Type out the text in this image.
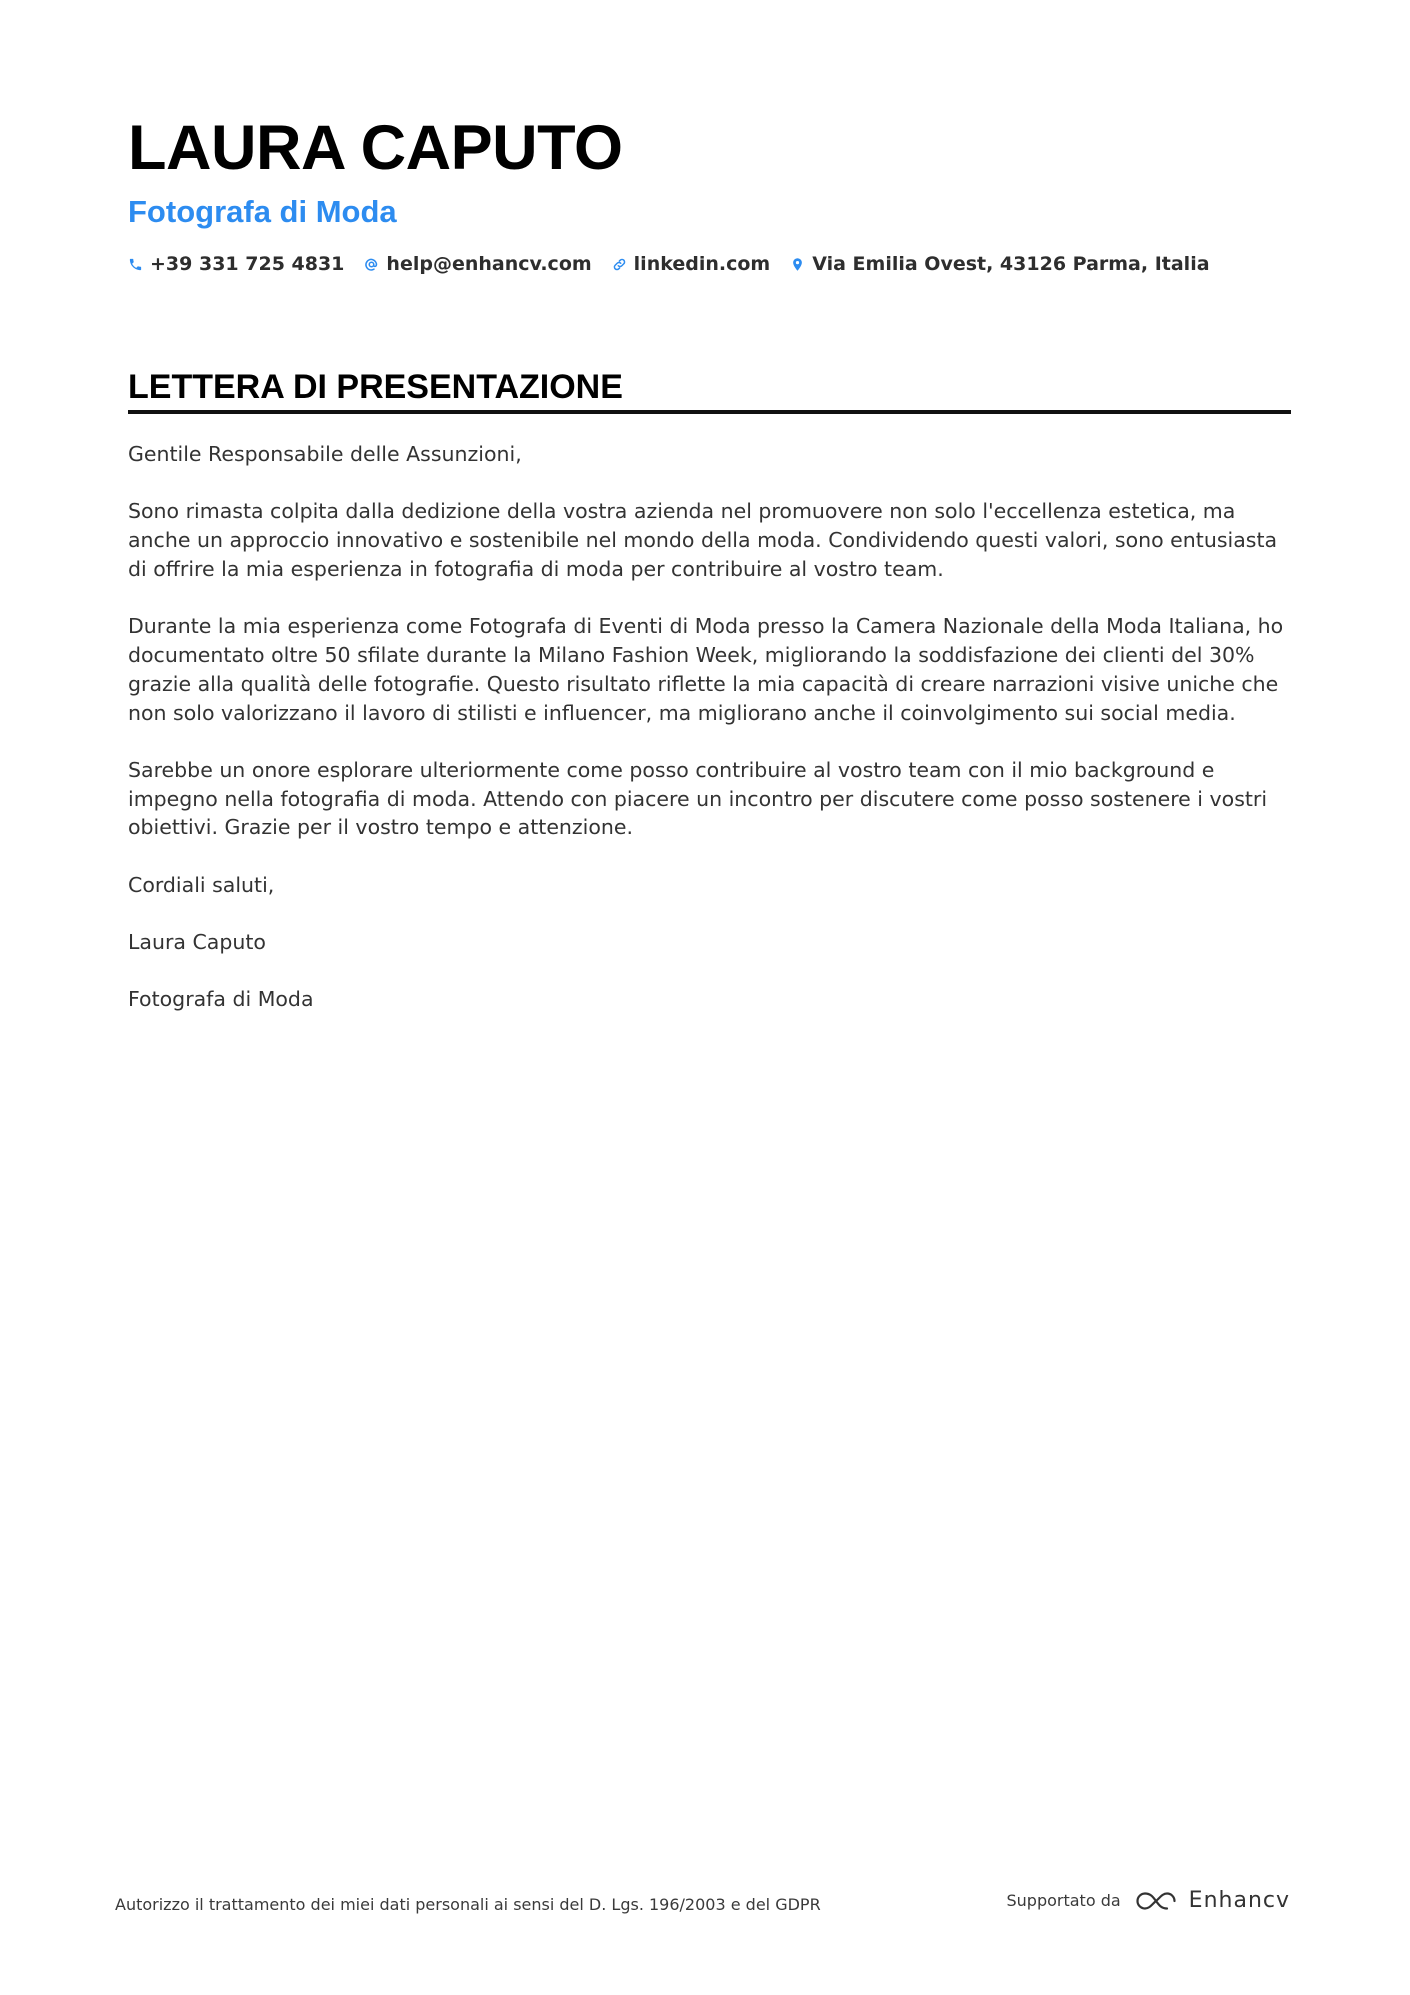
LAURA CAPUTO
Fotografa di Moda
+39 331 725 4831 help@enhancv.com linkedin.com Via Emilia Ovest, 43126 Parma, Italia
LETTERA DI PRESENTAZIONE

Gentile Responsabile delle Assunzioni,

Sono rimasta colpita dalla dedizione della vostra azienda nel promuovere non solo l'eccellenza estetica, ma anche un approccio innovativo e sostenibile nel mondo della moda. Condividendo questi valori, sono entusiasta di offrire la mia esperienza in fotografia di moda per contribuire al vostro team.

Durante la mia esperienza come Fotografa di Eventi di Moda presso la Camera Nazionale della Moda Italiana, ho documentato oltre 50 sfilate durante la Milano Fashion Week, migliorando la soddisfazione dei clienti del 30% grazie alla qualità delle fotografie. Questo risultato riflette la mia capacità di creare narrazioni visive uniche che non solo valorizzano il lavoro di stilisti e influencer, ma migliorano anche il coinvolgimento sui social media.

Sarebbe un onore esplorare ulteriormente come posso contribuire al vostro team con il mio background e impegno nella fotografia di moda. Attendo con piacere un incontro per discutere come posso sostenere i vostri obiettivi. Grazie per il vostro tempo e attenzione.

Cordiali saluti,

Laura Caputo

Fotografa di Moda

Autorizzo il trattamento dei miei dati personali ai sensi del D. Lgs. 196/2003 e del GDPR	Supportato da	Enhancv
